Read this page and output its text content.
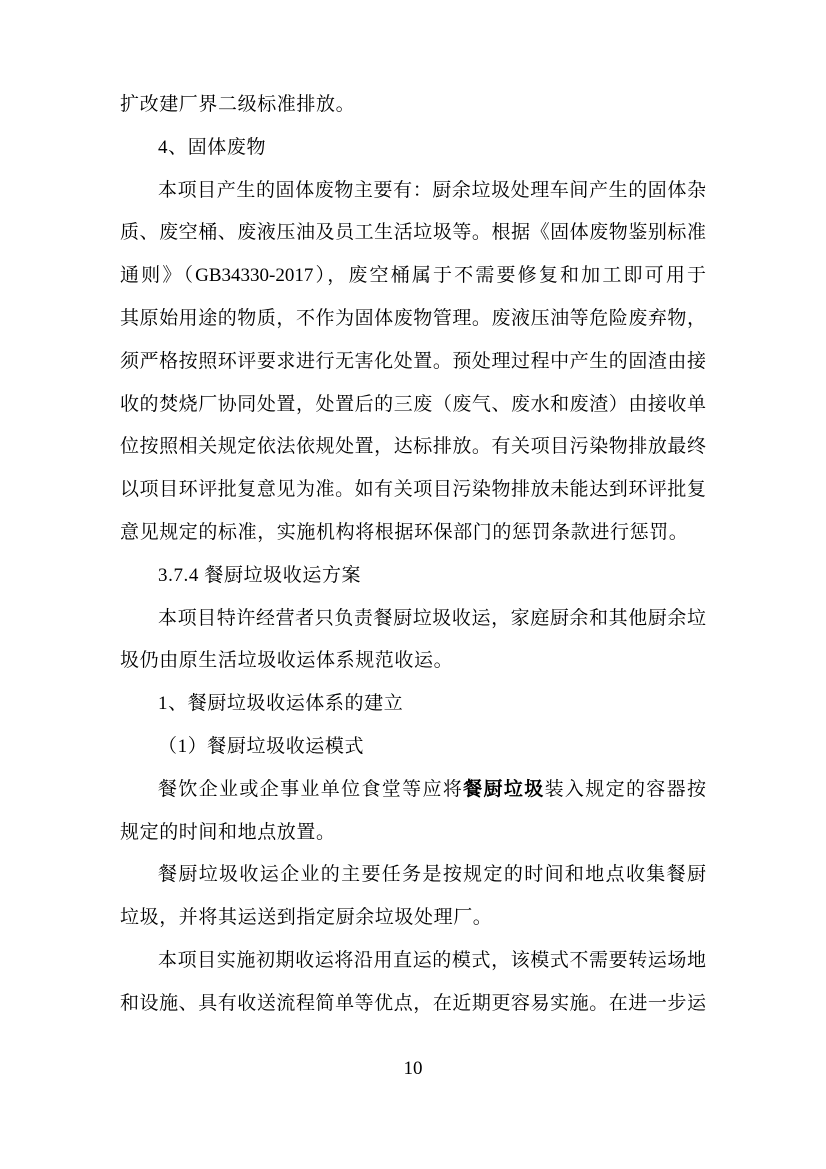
扩改建厂界二级标准排放。
4、固体废物
本项目产生的固体废物主要有：厨余垃圾处理车间产生的固体杂
质、废空桶、废液压油及员工生活垃圾等。根据《固体废物鉴别标准
通则》（GB34330-2017），废空桶属于不需要修复和加工即可用于
其原始用途的物质，不作为固体废物管理。废液压油等危险废弃物，
须严格按照环评要求进行无害化处置。预处理过程中产生的固渣由接
收的焚烧厂协同处置，处置后的三废（废气、废水和废渣）由接收单
位按照相关规定依法依规处置，达标排放。有关项目污染物排放最终
以项目环评批复意见为准。如有关项目污染物排放未能达到环评批复
意见规定的标准，实施机构将根据环保部门的惩罚条款进行惩罚。
3.7.4 餐厨垃圾收运方案
本项目特许经营者只负责餐厨垃圾收运，家庭厨余和其他厨余垃
圾仍由原生活垃圾收运体系规范收运。
1、餐厨垃圾收运体系的建立
（1）餐厨垃圾收运模式
餐饮企业或企事业单位食堂等应将餐厨垃圾装入规定的容器按
规定的时间和地点放置。
餐厨垃圾收运企业的主要任务是按规定的时间和地点收集餐厨
垃圾，并将其运送到指定厨余垃圾处理厂。
本项目实施初期收运将沿用直运的模式，该模式不需要转运场地
和设施、具有收送流程简单等优点，在近期更容易实施。在进一步运
10
